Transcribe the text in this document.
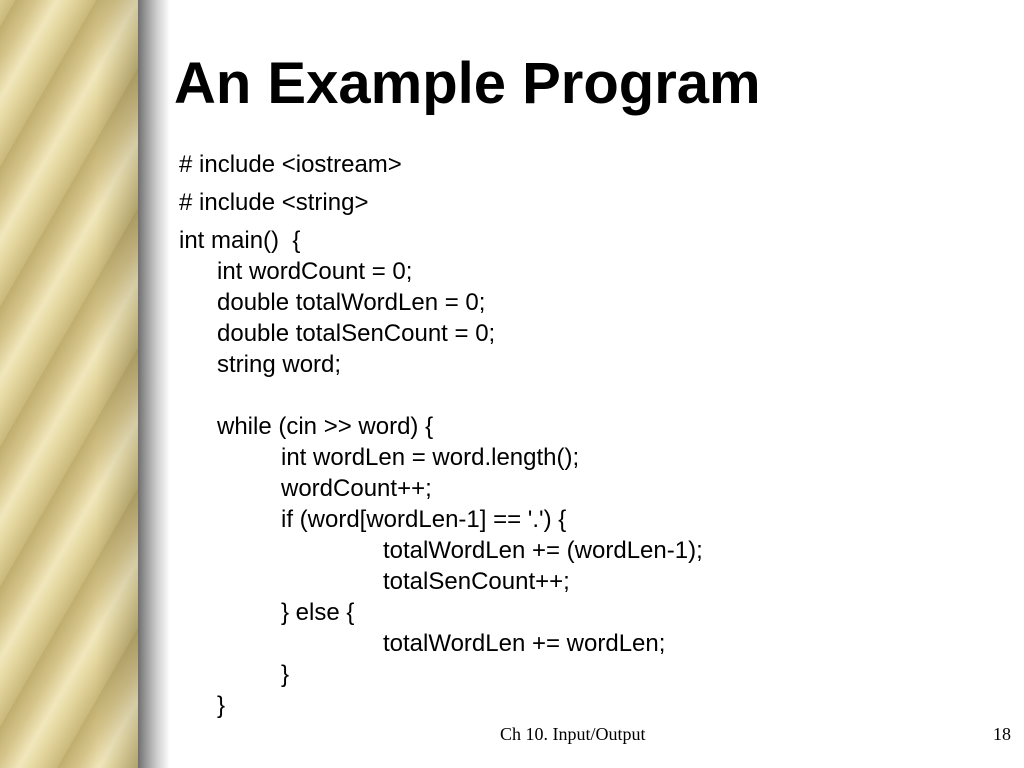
An Example Program
# include <iostream>
# include <string>
int main()  {
int wordCount = 0;
double totalWordLen = 0;
double totalSenCount = 0;
string word;
while (cin >> word) {
int wordLen = word.length();
wordCount++;
if (word[wordLen-1] == '.') {
totalWordLen += (wordLen-1);
totalSenCount++;
} else {
totalWordLen += wordLen;
}
}
Ch 10. Input/Output	18
